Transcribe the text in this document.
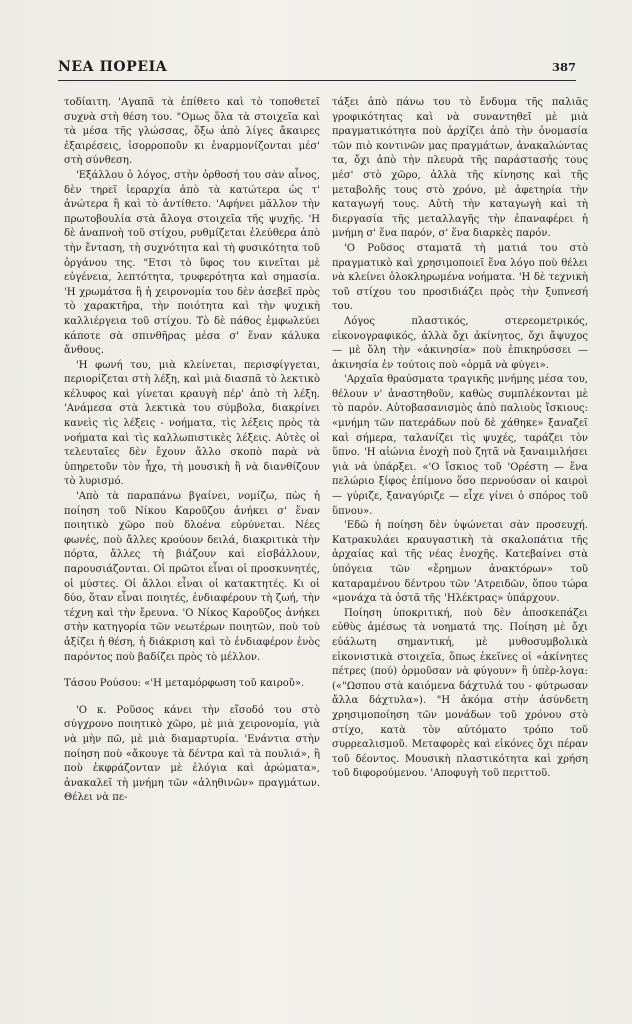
ΝΕΑ ΠΟΡΕΙΑ	387

τοδίαιτη. 'Αγαπᾶ τὰ ἐπίθετο καὶ τὸ τοποθετεῖ συχνὰ στὴ θέση του. "Ομως ὅλα τὰ στοιχεῖα καὶ τὰ μέσα τῆς γλώσσας, ὅξω ἀπὸ λίγες ἄκαιρες ἐξαιρέσεις, ἰσορροποῦν κι ἐναρμονίζονται μέσ' στὴ σύνθεση.

'Εξάλλου ὁ λόγος, στὴν ὀρθοσή του σὰν αἶνος, δὲν τηρεῖ ἱεραρχία ἀπὸ τὰ κατώτερα ὡς τ' ἀνώτερα ἢ καὶ τὸ ἀντίθετο. 'Αφήνει μᾶλλον τὴν πρωτοβουλία στὰ ἄλογα στοιχεῖα τῆς ψυχῆς. 'Η δὲ ἀναπνοὴ τοῦ στίχου, ρυθμίζεται ἐλεύθερα ἀπὸ τὴν ἔνταση, τὴ συχνότητα καὶ τὴ φυσικότητα τοῦ ὀργάνου της. "Ετσι τὸ ὕφος του κινεῖται μὲ εὐγένεια, λεπτότητα, τρυφερότητα καὶ σημασία. 'Η χρωμάτσα ἢ ἡ χειρονομία του δὲν ἀσεβεῖ πρὸς τὸ χαρακτῆρα, τὴν ποιότητα καὶ τὴν ψυχικὴ καλλιέργεια τοῦ στίχου. Τὸ δὲ πάθος ἐμφωλεύει κάποτε σὰ σπινθῆρας μέσα σ' ἕναν κάλυκα ἄνθους.

'Η φωνή του, μιὰ κλείνεται, περισφίγγεται, περιορίζεται στὴ λέξη, καὶ μιὰ διασπᾶ τὸ λεκτικὸ κέλυφος καὶ γίνεται κραυγὴ πέρ' ἀπὸ τὴ λέξη. 'Ανάμεσα στὰ λεκτικὰ του σύμβολα, διακρίνει κανεὶς τὶς λέξεις - νοήματα, τὶς λέξεις πρὸς τὰ νοήματα καὶ τὶς καλλωπιστικὲς λέξεις. Αὐτὲς οἱ τελευταῖες δὲν ἔχουν ἄλλο σκοπὸ παρὰ νὰ ὑπηρετοῦν τὸν ἦχο, τὴ μουσικὴ ἢ νὰ διανθίζουν τὸ λυρισμό.

'Απὸ τὰ παραπάνω βγαίνει, νομίζω, πὼς ἡ ποίηση τοῦ Νίκου Καροῦζου ἀνήκει σ' ἕναν ποιητικὸ χῶρο ποὺ δλοένα εὐρύνεται. Νέες φωνές, ποὺ ἄλλες κρούουν δειλά, διακριτικὰ τὴν πόρτα, ἄλλες τὴ βιάζουν καὶ εἰσβάλλουν, παρουσιάζονται. Οἱ πρῶτοι εἶναι οἱ προσκυνητές, οἱ μύστες. Οἱ ἄλλοι εἶναι οἱ κατακτητές. Κι οἱ δύο, ὅταν εἶναι ποιητές, ἐνδιαφέρουν τὴ ζωή, τὴν τέχνη καὶ τὴν ἔρευνα. 'Ο Νίκος Καροῦζος ἀνήκει στὴν κατηγορία τῶν νεωτέρων ποιητῶν, ποὺ τοὺ ἀξίζει ἡ θέση, ἡ διάκριση καὶ τὸ ἐνδιαφέρον ἑνὸς παρόντος ποὺ βαδίζει πρὸς τὸ μέλλον.

Τάσου Ρούσου: «'Η μεταμόρφωση τοῦ καιροῦ».

'Ο κ. Ροῦσος κάνει τὴν εἴσοδό του στὸ σύγχρονο ποιητικὸ χῶρο, μὲ μιὰ χειρονομία, γιὰ νὰ μὴν πῶ, μὲ μιὰ διαμαρτυρία. 'Ενάντια στὴν ποίηση ποὺ «ἄκουγε τὰ δέντρα καὶ τὰ πουλιά», ἢ ποὺ ἐκφράζονταν μὲ ἐλόγια καὶ ἀρώματα», ἀνακαλεῖ τὴ μνήμη τῶν «ἀληθινῶν» πραγμάτων. Θέλει νὰ πε-

τάξει ἀπὸ πάνω του τὸ ἔνδυμα τῆς παλιᾶς γροφικότητας καὶ νὰ συναντηθεῖ μὲ μιὰ πραγματικότητα ποὺ ἀρχίζει ἀπὸ τὴν ὀνομασία τῶν πιὸ κοντινῶν μας πραγμάτων, ἀνακαλώντας τα, ὄχι ἀπὸ τὴν πλευρὰ τῆς παράστασής τους μέσ' στὸ χῶρο, ἀλλὰ τῆς κίνησης καὶ τῆς μεταβολῆς τους στὸ χρόνο, μὲ ἀφετηρία τὴν καταγωγή τους. Αὐτὴ τὴν καταγωγὴ καὶ τὴ διεργασία τῆς μεταλλαγῆς τὴν ἐπαναφέρει ἡ μνήμη σ' ἕνα παρόν, σ' ἕνα διαρκὲς παρόν.

'Ο Ροῦσος σταματᾶ τὴ ματιά του στὸ πραγματικὸ καὶ χρησιμοποιεῖ ἕνα λόγο ποὺ θέλει νὰ κλείνει ὁλοκληρωμένα νοήματα. 'Η δὲ τεχνικὴ τοῦ στίχου του προσιδιάζει πρὸς τὴν ξυπνεσή του.

Λόγος πλαστικός, στερεομετρικός, εἰκονογραφικός, ἀλλὰ ὄχι ἀκίνητος, ὄχι ἄψυχος — μὲ ὅλη τὴν «ἀκινησία» ποὺ ἐπικηρύσσει — ἀκινησία ἐν τούτοις ποὺ «ὁρμᾶ νὰ φύγει».

'Αρχαῖα θραύσματα τραγικῆς μνήμης μέσα του, θέλουν ν' ἀναστηθοῦν, καθὼς συμπλέκονται μὲ τὸ παρόν. Αὐτοβασανισμὸς ἀπὸ παλιοὺς ἴσκιους: «μνήμη τῶν πατεράδων ποὺ δὲ χάθηκε» ξαναζεῖ καὶ σήμερα, ταλανίζει τὶς ψυχές, ταράζει τὸν ὕπνο. 'Η αἰώνια ἐνοχὴ ποὺ ζητᾶ νὰ ξαναιμιλήσει γιὰ νὰ ὑπάρξει. «'Ο ἴσκιος τοῦ 'Ορέστη — ἕνα πελώριο ξίφος ἐπίμονο ὅσο περνούσαν οἱ καιροὶ — γύριζε, ξαναγύριζε — εἶχε γίνει ὁ σπόρος τοῦ ὕπνου».

'Εδῶ ἡ ποίηση δὲν ὑψώνεται σὰν προσευχή. Κατρακυλάει κραυγαστικὴ τὰ σκαλοπάτια τῆς ἀρχαίας καὶ τῆς νέας ἐνοχῆς. Κατεβαίνει στὰ ὑπόγεια τῶν «ἔρημων ἀνακτόρων» τοῦ καταραμένου δέντρου τῶν 'Ατρειδῶν, ὅπου τώρα «μονάχα τὰ ὀστᾶ τῆς 'Ηλέκτρας» ὑπάρχουν.

Ποίηση ὑποκριτική, ποὺ δὲν ἀποσκεπάζει εὐθὺς ἀμέσως τὰ νοηματά της. Ποίηση μὲ ὄχι εὐάλωτη σημαντική, μὲ μυθοσυμβολικὰ εἰκονιστικὰ στοιχεῖα, ὅπως ἐκεῖνες οἱ «ἀκίνητες πέτρες (πού) ὁρμοῦσαν νὰ φύγουν» ἢ ὑπὲρ-λογα: («"Ωσπου στὰ καιόμενα δάχτυλά του - φύτρωσαν ἄλλα δάχτυλα»). "Η ἀκόμα στὴν ἀσύνδετη χρησιμοποίηση τῶν μονάδων τοῦ χρόνου στὸ στίχο, κατὰ τὸν αὐτόματο τρόπο τοῦ συρρεαλισμοῦ. Μεταφορὲς καὶ εἰκόνες ὄχι πέραν τοῦ δέοντος. Μουσικὴ πλαστικότητα καὶ χρήση τοῦ διφορούμενου. 'Αποφυγὴ τοῦ περιττοῦ.
